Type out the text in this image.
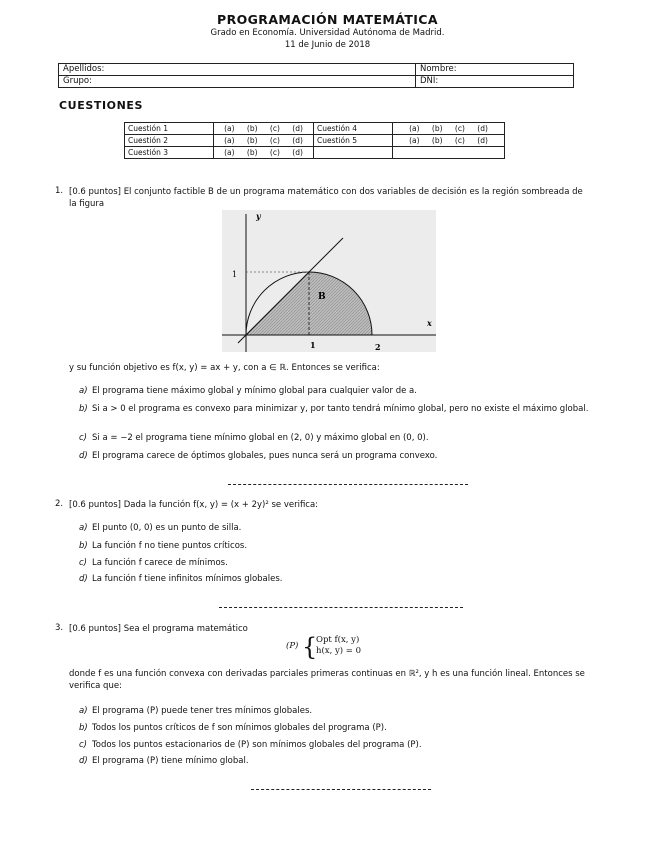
PROGRAMACIÓN MATEMÁTICA
Grado en Economía. Universidad Autónoma de Madrid.
11 de Junio de 2018
Apellidos:	Nombre:
Grupo:	DNI:
CUESTIONES
Cuestión 1	(a) (b) (c) (d)	Cuestión 4	(a) (b) (c) (d)
Cuestión 2	(a) (b) (c) (d)	Cuestión 5	(a) (b) (c) (d)
Cuestión 3	(a) (b) (c) (d)		
1. [0.6 puntos] El conjunto factible B de un programa matemático con dos variables de decisión es la región sombreada de la figura
y
x
1
1	2
B
y su función objetivo es f(x, y) = ax + y, con a ∈ ℝ. Entonces se verifica:
a) El programa tiene máximo global y mínimo global para cualquier valor de a.
b) Si a > 0 el programa es convexo para minimizar y, por tanto tendrá mínimo global, pero no existe el máximo global.
c) Si a = −2 el programa tiene mínimo global en (2, 0) y máximo global en (0, 0).
d) El programa carece de óptimos globales, pues nunca será un programa convexo.
2. [0.6 puntos] Dada la función f(x, y) = (x + 2y)² se verifica:
a) El punto (0, 0) es un punto de silla.
b) La función f no tiene puntos críticos.
c) La función f carece de mínimos.
d) La función f tiene infinitos mínimos globales.
3. [0.6 puntos] Sea el programa matemático
(P) {
Opt f(x, y)
h(x, y) = 0
donde f es una función convexa con derivadas parciales primeras continuas en ℝ², y h es una función lineal. Entonces se verifica que:
a) El programa (P) puede tener tres mínimos globales.
b) Todos los puntos críticos de f son mínimos globales del programa (P).
c) Todos los puntos estacionarios de (P) son mínimos globales del programa (P).
d) El programa (P) tiene mínimo global.
